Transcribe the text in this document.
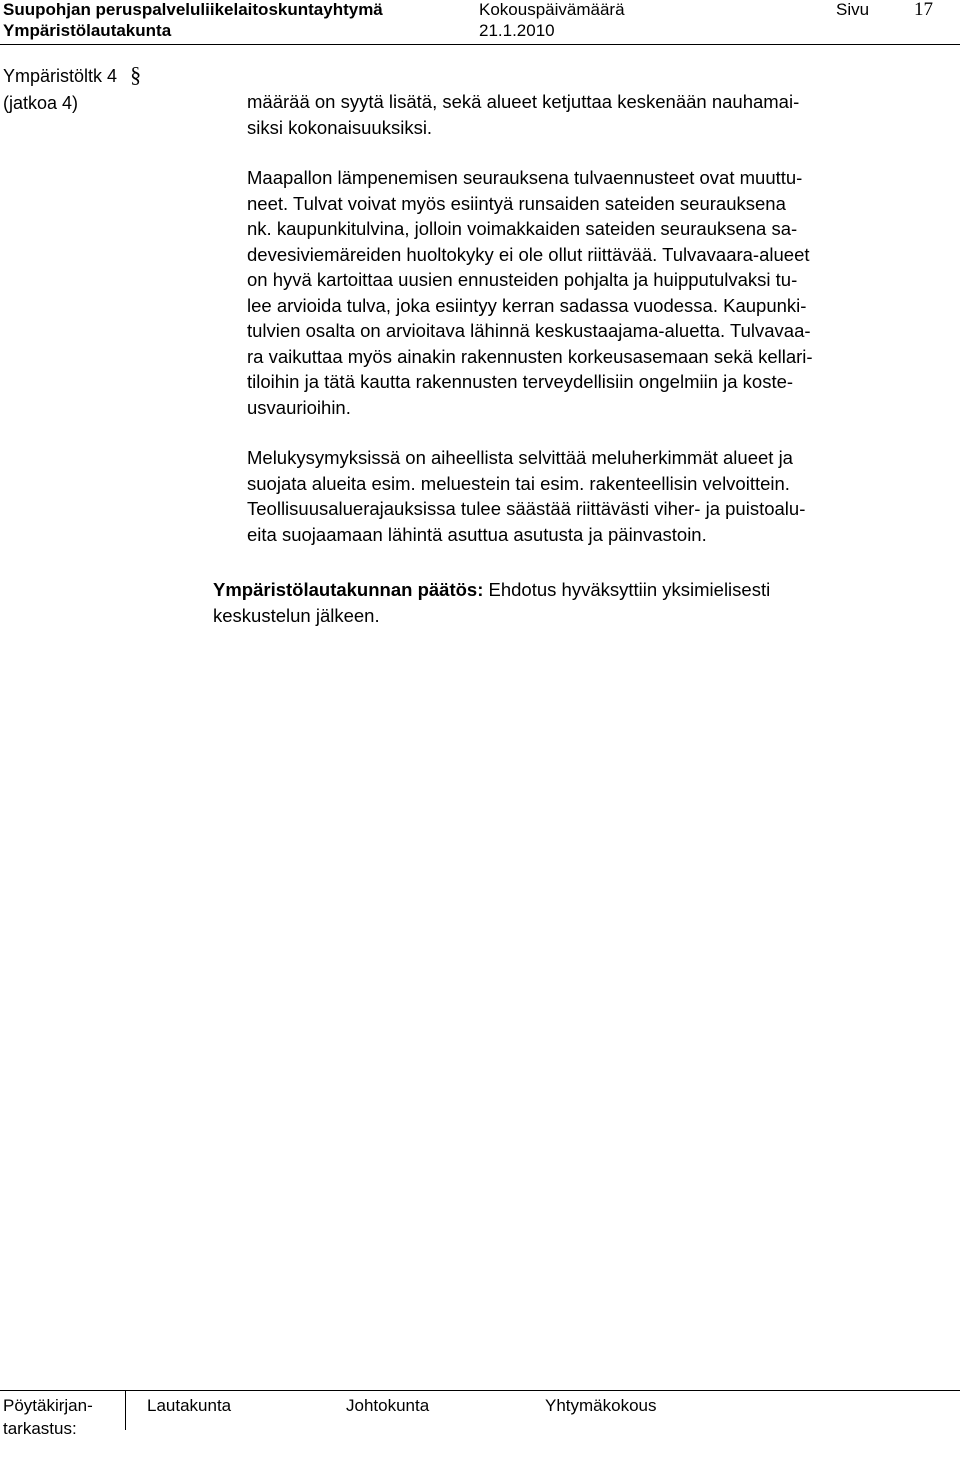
Suupohjan peruspalveluliikelaitoskuntayhtymä
Ympäristölautakunta
Kokouspäivämäärä
21.1.2010
Sivu 17
Ympäristöltk 4 §
(jatkoa 4)	määrää on syytä lisätä, sekä alueet ketjuttaa keskenään nauhamai-
siksi kokonaisuuksiksi.

Maapallon lämpenemisen seurauksena tulvaennusteet ovat muuttu-
neet. Tulvat voivat myös esiintyä runsaiden sateiden seurauksena
nk. kaupunkitulvina, jolloin voimakkaiden sateiden seurauksena sa-
devesiviemäreiden huoltokyky ei ole ollut riittävää. Tulvavaara-alueet
on hyvä kartoittaa uusien ennusteiden pohjalta ja huipputulvaksi tu-
lee arvioida tulva, joka esiintyy kerran sadassa vuodessa. Kaupunki-
tulvien osalta on arvioitava lähinnä keskustaajama-aluetta. Tulvavaa-
ra vaikuttaa myös ainakin rakennusten korkeusasemaan sekä kellari-
tiloihin ja tätä kautta rakennusten terveydellisiin ongelmiin ja koste-
usvaurioihin.

Melukysymyksissä on aiheellista selvittää meluherkimmät alueet ja
suojata alueita esim. meluestein tai esim. rakenteellisin velvoittein.
Teollisuusaluerajauksissa tulee säästää riittävästi viher- ja puistoalu-
eita suojaamaan lähintä asuttua asutusta ja päinvastoin.

Ympäristölautakunnan päätös: Ehdotus hyväksyttiin yksimielisesti
keskustelun jälkeen.
Pöytäkirjan-
tarkastus:
Lautakunta	Johtokunta	Yhtymäkokous
